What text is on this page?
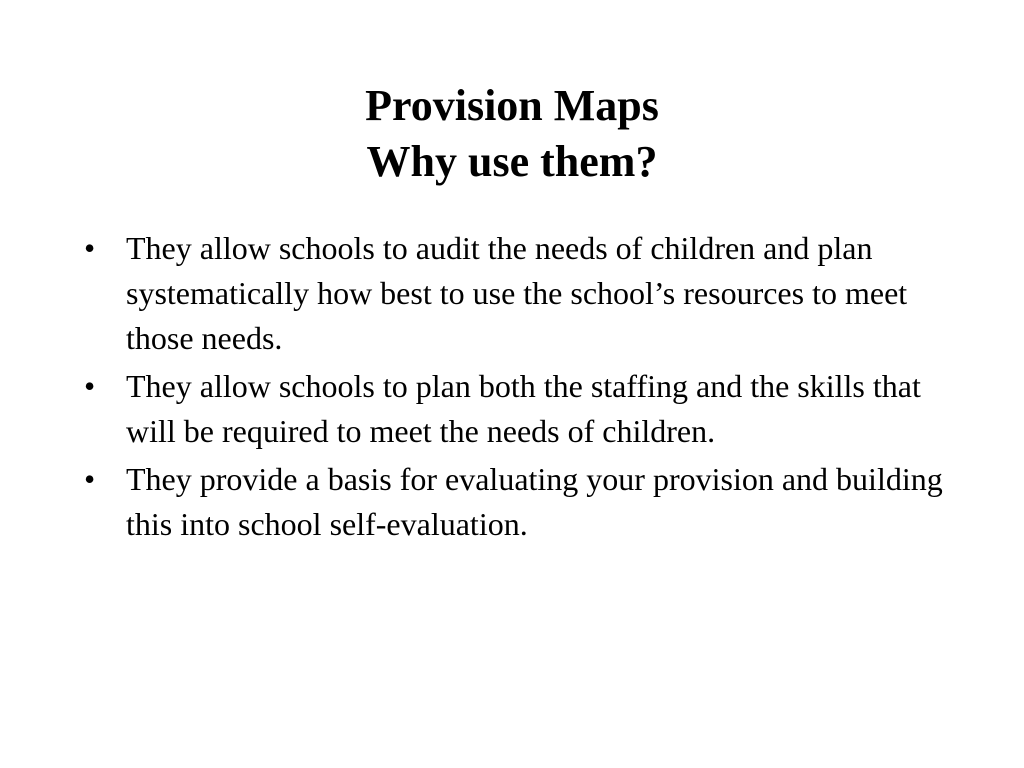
Provision Maps
Why use them?
• They allow schools to audit the needs of children and plan systematically how best to use the school’s resources to meet those needs.
• They allow schools to plan both the staffing and the skills that will be required to meet the needs of children.
• They provide a basis for evaluating your provision and building this into school self-evaluation.
